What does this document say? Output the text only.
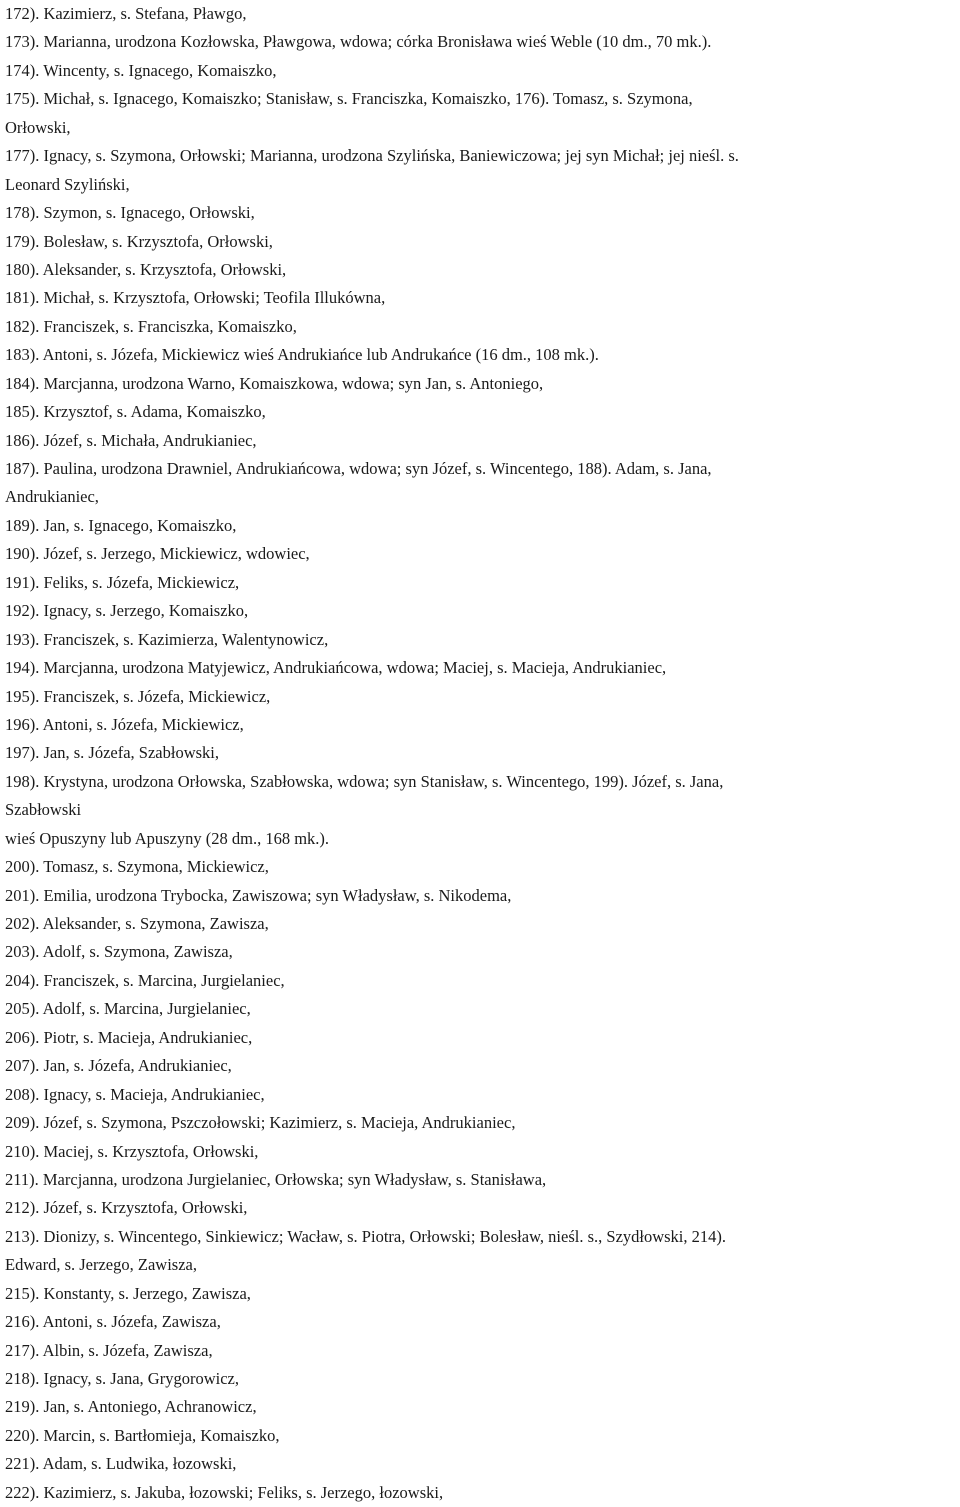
172). Kazimierz, s. Stefana, Pławgo,

173). Marianna, urodzona Kozłowska, Pławgowa, wdowa; córka Bronisława wieś Weble (10 dm., 70 mk.).

174). Wincenty, s. Ignacego, Komaiszko,

175). Michał, s. Ignacego, Komaiszko; Stanisław, s. Franciszka, Komaiszko, 176). Tomasz, s. Szymona,

Orłowski,

177). Ignacy, s. Szymona, Orłowski; Marianna, urodzona Szylińska, Baniewiczowa; jej syn Michał; jej nieśl. s.

Leonard Szyliński,

178). Szymon, s. Ignacego, Orłowski,

179). Bolesław, s. Krzysztofa, Orłowski,

180). Aleksander, s. Krzysztofa, Orłowski,

181). Michał, s. Krzysztofa, Orłowski; Teofila Illukówna,

182). Franciszek, s. Franciszka, Komaiszko,

183). Antoni, s. Józefa, Mickiewicz wieś Andrukiańce lub Andrukańce (16 dm., 108 mk.).

184). Marcjanna, urodzona Warno, Komaiszkowa, wdowa; syn Jan, s. Antoniego,

185). Krzysztof, s. Adama, Komaiszko,

186). Józef, s. Michała, Andrukianiec,

187). Paulina, urodzona Drawniel, Andrukiańcowa, wdowa; syn Józef, s. Wincentego, 188). Adam, s. Jana,

Andrukianiec,

189). Jan, s. Ignacego, Komaiszko,

190). Józef, s. Jerzego, Mickiewicz, wdowiec,

191). Feliks, s. Józefa, Mickiewicz,

192). Ignacy, s. Jerzego, Komaiszko,

193). Franciszek, s. Kazimierza, Walentynowicz,

194). Marcjanna, urodzona Matyjewicz, Andrukiańcowa, wdowa; Maciej, s. Macieja, Andrukianiec,

195). Franciszek, s. Józefa, Mickiewicz,

196). Antoni, s. Józefa, Mickiewicz,

197). Jan, s. Józefa, Szabłowski,

198). Krystyna, urodzona Orłowska, Szabłowska, wdowa; syn Stanisław, s. Wincentego, 199). Józef, s. Jana,

Szabłowski

wieś Opuszyny lub Apuszyny (28 dm., 168 mk.).

200). Tomasz, s. Szymona, Mickiewicz,

201). Emilia, urodzona Trybocka, Zawiszowa; syn Władysław, s. Nikodema,

202). Aleksander, s. Szymona, Zawisza,

203). Adolf, s. Szymona, Zawisza,

204). Franciszek, s. Marcina, Jurgielaniec,

205). Adolf, s. Marcina, Jurgielaniec,

206). Piotr, s. Macieja, Andrukianiec,

207). Jan, s. Józefa, Andrukianiec,

208). Ignacy, s. Macieja, Andrukianiec,

209). Józef, s. Szymona, Pszczołowski; Kazimierz, s. Macieja, Andrukianiec,

210). Maciej, s. Krzysztofa, Orłowski,

211). Marcjanna, urodzona Jurgielaniec, Orłowska; syn Władysław, s. Stanisława,

212). Józef, s. Krzysztofa, Orłowski,

213). Dionizy, s. Wincentego, Sinkiewicz; Wacław, s. Piotra, Orłowski; Bolesław, nieśl. s., Szydłowski, 214).

Edward, s. Jerzego, Zawisza,

215). Konstanty, s. Jerzego, Zawisza,

216). Antoni, s. Józefa, Zawisza,

217). Albin, s. Józefa, Zawisza,

218). Ignacy, s. Jana, Grygorowicz,

219). Jan, s. Antoniego, Achranowicz,

220). Marcin, s. Bartłomieja, Komaiszko,

221). Adam, s. Ludwika, łozowski,

222). Kazimierz, s. Jakuba, łozowski; Feliks, s. Jerzego, łozowski,
